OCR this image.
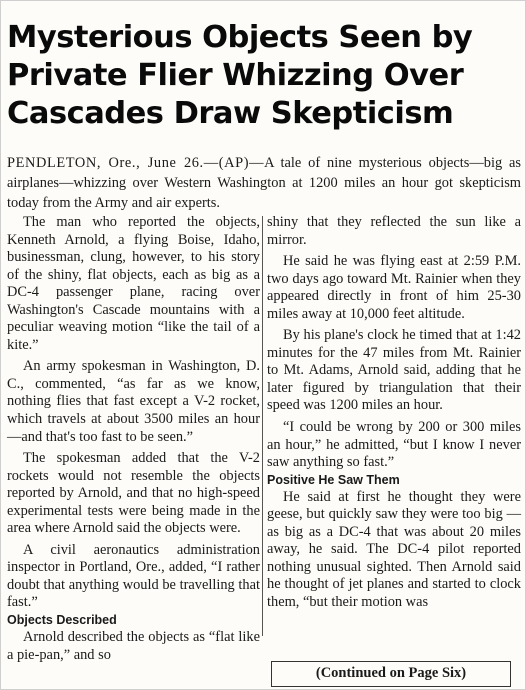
Mysterious Objects Seen by
Private Flier Whizzing Over
Cascades Draw Skepticism

PENDLETON, Ore., June 26.—(AP)—A tale of nine mysterious objects—big as airplanes—whizzing over Western Washington at 1200 miles an hour got skepticism today from the Army and air experts.

The man who reported the objects, Kenneth Arnold, a flying Boise, Idaho, businessman, clung, however, to his story of the shiny, flat objects, each as big as a DC-4 passenger plane, racing over Washington's Cascade mountains with a peculiar weaving motion “like the tail of a kite.”

An army spokesman in Washington, D. C., commented, “as far as we know, nothing flies that fast except a V-2 rocket, which travels at about 3500 miles an hour—and that's too fast to be seen.”

The spokesman added that the V-2 rockets would not resemble the objects reported by Arnold, and that no high-speed experimental tests were being made in the area where Arnold said the objects were.

A civil aeronautics administration inspector in Portland, Ore., added, “I rather doubt that anything would be travelling that fast.”

Objects Described

Arnold described the objects as “flat like a pie-pan,” and so

shiny that they reflected the sun like a mirror.

He said he was flying east at 2:59 P.M. two days ago toward Mt. Rainier when they appeared directly in front of him 25-30 miles away at 10,000 feet altitude.

By his plane's clock he timed that at 1:42 minutes for the 47 miles from Mt. Rainier to Mt. Adams, Arnold said, adding that he later figured by triangulation that their speed was 1200 miles an hour.

“I could be wrong by 200 or 300 miles an hour,” he admitted, “but I know I never saw anything so fast.”

Positive He Saw Them

He said at first he thought they were geese, but quickly saw they were too big — as big as a DC-4 that was about 20 miles away, he said. The DC-4 pilot reported nothing unusual sighted. Then Arnold said he thought of jet planes and started to clock them, “but their motion was

(Continued on Page Six)
